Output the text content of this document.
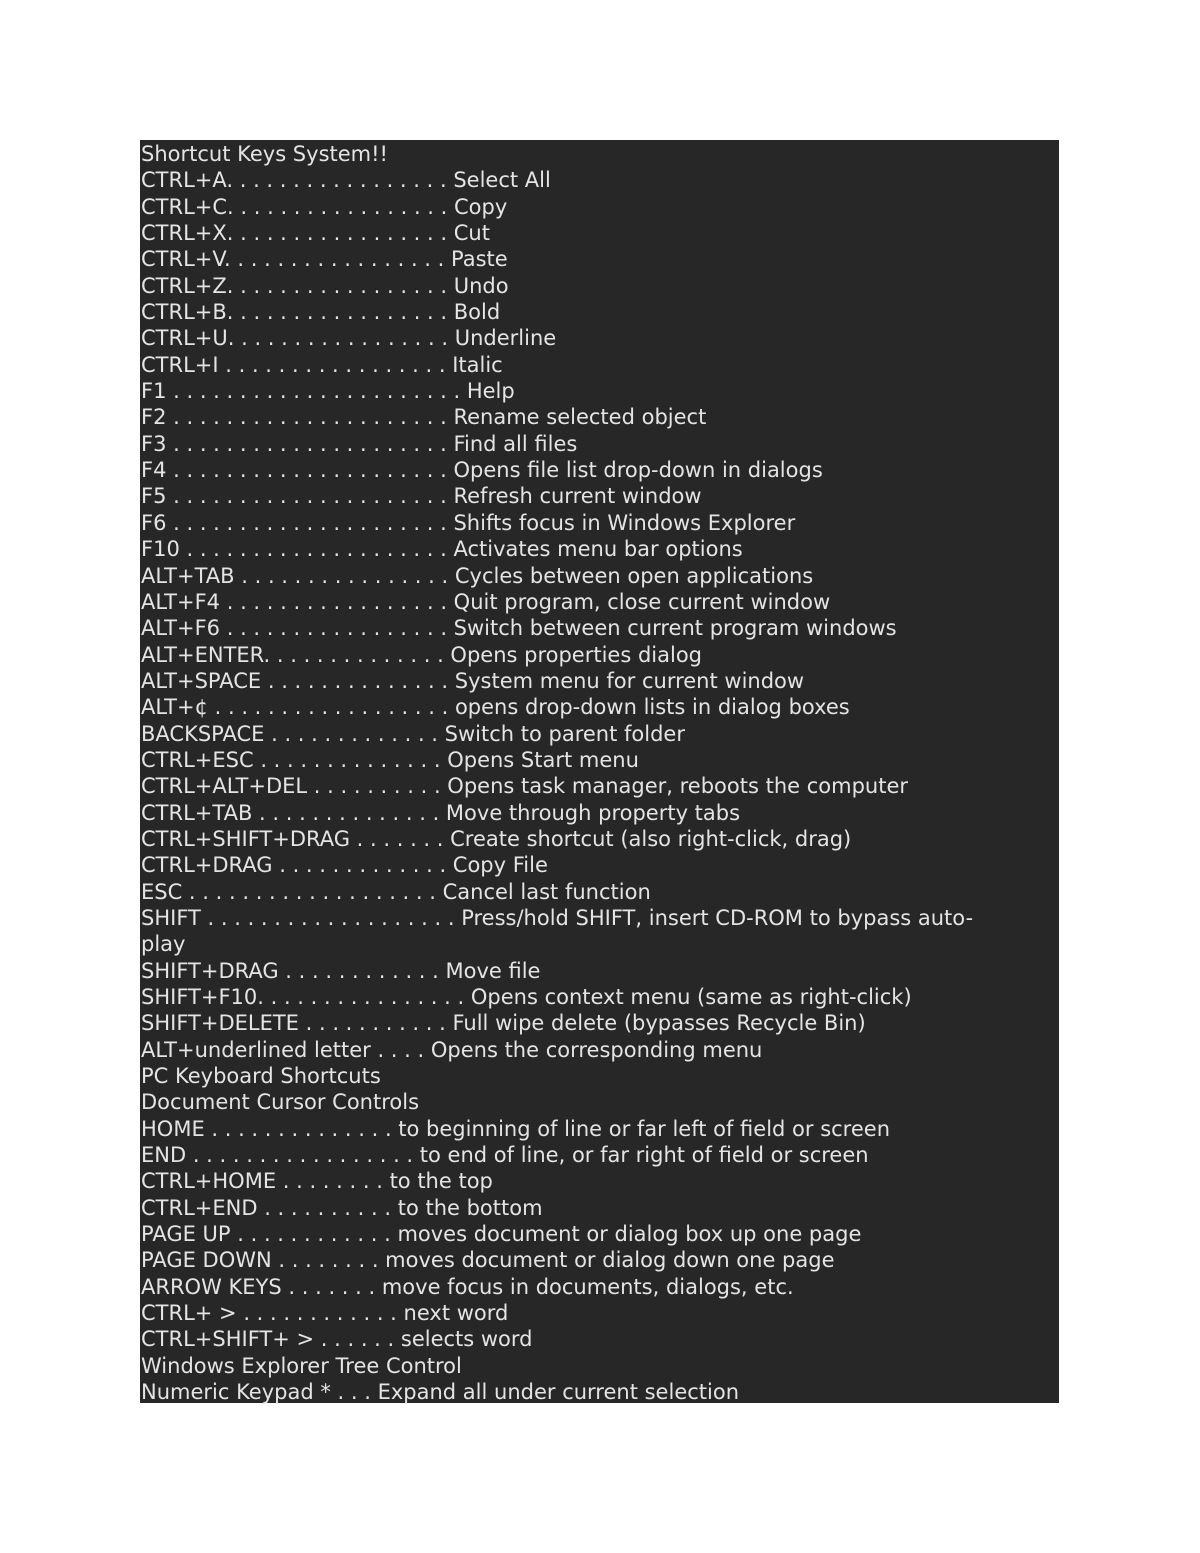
Shortcut Keys System!!
CTRL+A. . . . . . . . . . . . . . . . . Select All
CTRL+C. . . . . . . . . . . . . . . . . Copy
CTRL+X. . . . . . . . . . . . . . . . . Cut
CTRL+V. . . . . . . . . . . . . . . . . Paste
CTRL+Z. . . . . . . . . . . . . . . . . Undo
CTRL+B. . . . . . . . . . . . . . . . . Bold
CTRL+U. . . . . . . . . . . . . . . . . Underline
CTRL+I . . . . . . . . . . . . . . . . . Italic
F1 . . . . . . . . . . . . . . . . . . . . . . Help
F2 . . . . . . . . . . . . . . . . . . . . . Rename selected object
F3 . . . . . . . . . . . . . . . . . . . . . Find all files
F4 . . . . . . . . . . . . . . . . . . . . . Opens file list drop-down in dialogs
F5 . . . . . . . . . . . . . . . . . . . . . Refresh current window
F6 . . . . . . . . . . . . . . . . . . . . . Shifts focus in Windows Explorer
F10 . . . . . . . . . . . . . . . . . . . . Activates menu bar options
ALT+TAB . . . . . . . . . . . . . . . . Cycles between open applications
ALT+F4 . . . . . . . . . . . . . . . . . Quit program, close current window
ALT+F6 . . . . . . . . . . . . . . . . . Switch between current program windows
ALT+ENTER. . . . . . . . . . . . . . Opens properties dialog
ALT+SPACE . . . . . . . . . . . . . . System menu for current window
ALT+¢ . . . . . . . . . . . . . . . . . . opens drop-down lists in dialog boxes
BACKSPACE . . . . . . . . . . . . . Switch to parent folder
CTRL+ESC . . . . . . . . . . . . . . Opens Start menu
CTRL+ALT+DEL . . . . . . . . . . Opens task manager, reboots the computer
CTRL+TAB . . . . . . . . . . . . . . Move through property tabs
CTRL+SHIFT+DRAG . . . . . . . Create shortcut (also right-click, drag)
CTRL+DRAG . . . . . . . . . . . . . Copy File
ESC . . . . . . . . . . . . . . . . . . . Cancel last function
SHIFT . . . . . . . . . . . . . . . . . . . Press/hold SHIFT, insert CD-ROM to bypass auto-
play
SHIFT+DRAG . . . . . . . . . . . . Move file
SHIFT+F10. . . . . . . . . . . . . . . . Opens context menu (same as right-click)
SHIFT+DELETE . . . . . . . . . . . Full wipe delete (bypasses Recycle Bin)
ALT+underlined letter . . . . Opens the corresponding menu
PC Keyboard Shortcuts
Document Cursor Controls
HOME . . . . . . . . . . . . . . to beginning of line or far left of field or screen
END . . . . . . . . . . . . . . . . . to end of line, or far right of field or screen
CTRL+HOME . . . . . . . . to the top
CTRL+END . . . . . . . . . . to the bottom
PAGE UP . . . . . . . . . . . . moves document or dialog box up one page
PAGE DOWN . . . . . . . . moves document or dialog down one page
ARROW KEYS . . . . . . . move focus in documents, dialogs, etc.
CTRL+ > . . . . . . . . . . . . next word
CTRL+SHIFT+ > . . . . . . selects word
Windows Explorer Tree Control
Numeric Keypad * . . . Expand all under current selection
